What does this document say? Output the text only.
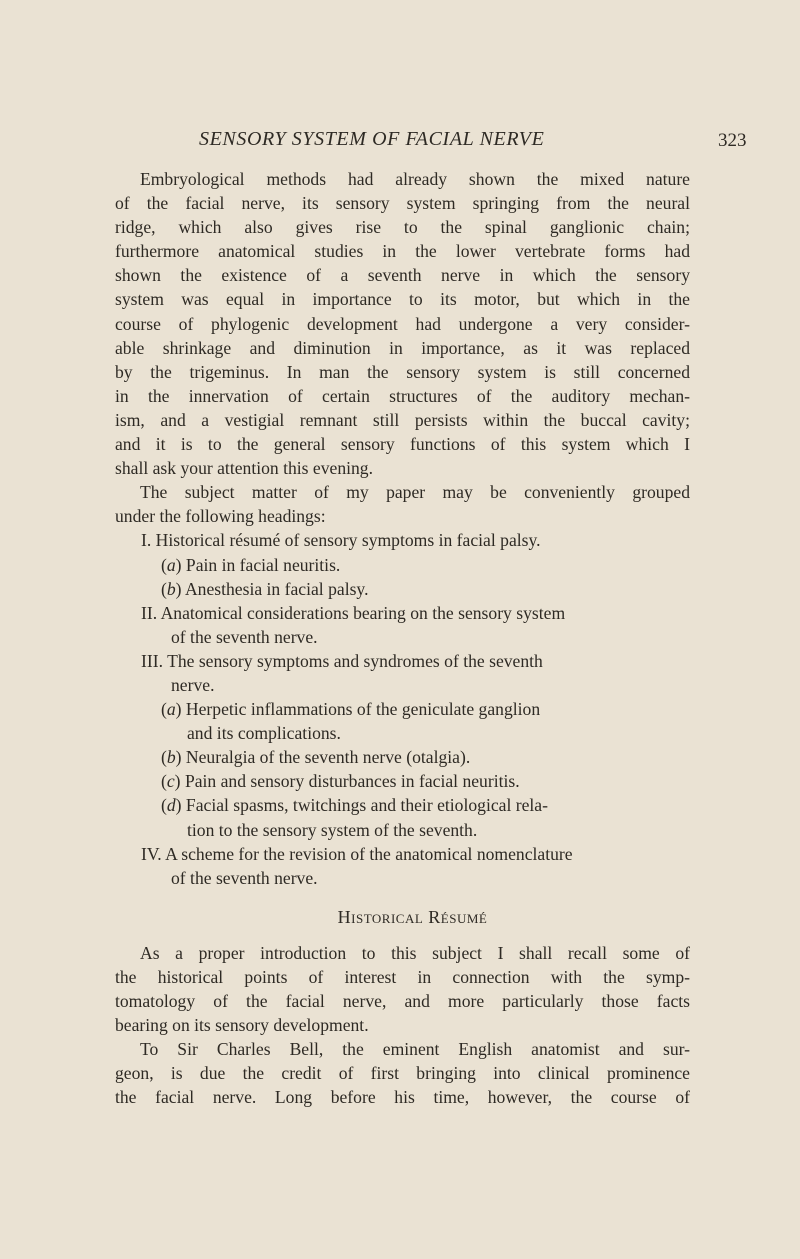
SENSORY SYSTEM OF FACIAL NERVE	323
Embryological methods had already shown the mixed nature
of the facial nerve, its sensory system springing from the neural
ridge, which also gives rise to the spinal ganglionic chain;
furthermore anatomical studies in the lower vertebrate forms had
shown the existence of a seventh nerve in which the sensory
system was equal in importance to its motor, but which in the
course of phylogenic development had undergone a very consider-
able shrinkage and diminution in importance, as it was replaced
by the trigeminus. In man the sensory system is still concerned
in the innervation of certain structures of the auditory mechan-
ism, and a vestigial remnant still persists within the buccal cavity;
and it is to the general sensory functions of this system which I
shall ask your attention this evening.
The subject matter of my paper may be conveniently grouped
under the following headings:
I. Historical résumé of sensory symptoms in facial palsy.
(a) Pain in facial neuritis.
(b) Anesthesia in facial palsy.
II. Anatomical considerations bearing on the sensory system
of the seventh nerve.
III. The sensory symptoms and syndromes of the seventh
nerve.
(a) Herpetic inflammations of the geniculate ganglion
and its complications.
(b) Neuralgia of the seventh nerve (otalgia).
(c) Pain and sensory disturbances in facial neuritis.
(d) Facial spasms, twitchings and their etiological rela-
tion to the sensory system of the seventh.
IV. A scheme for the revision of the anatomical nomenclature
of the seventh nerve.
Historical Résumé
As a proper introduction to this subject I shall recall some of
the historical points of interest in connection with the symp-
tomatology of the facial nerve, and more particularly those facts
bearing on its sensory development.
To Sir Charles Bell, the eminent English anatomist and sur-
geon, is due the credit of first bringing into clinical prominence
the facial nerve. Long before his time, however, the course of
